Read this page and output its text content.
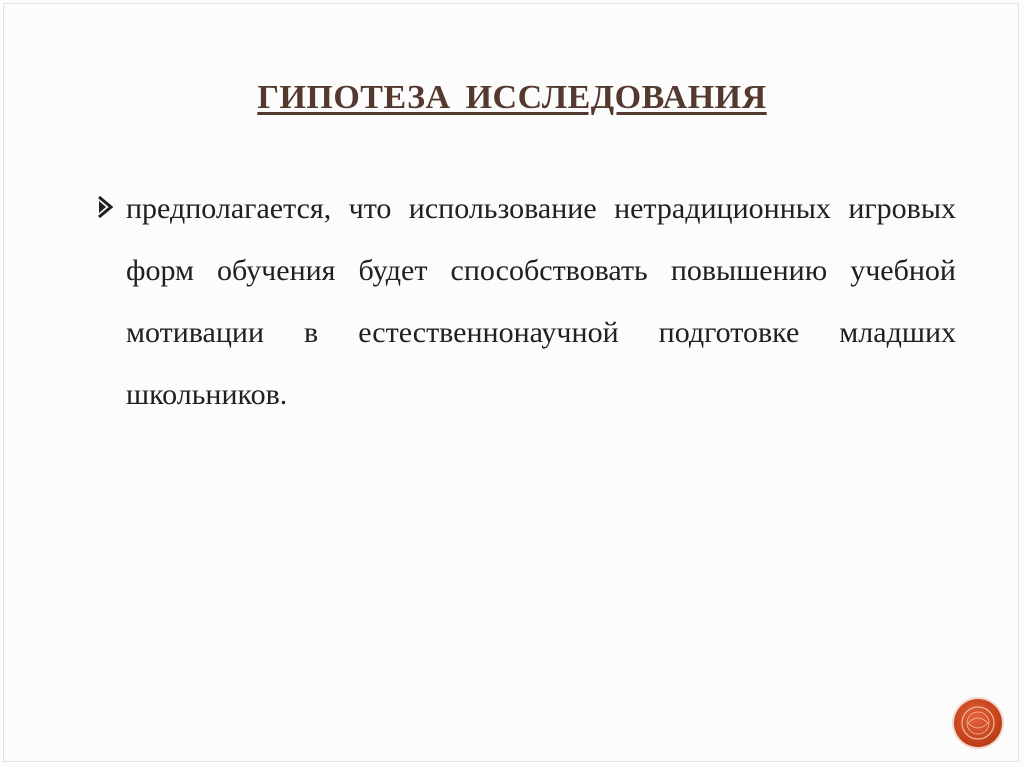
ГИПОТЕЗА ИССЛЕДОВАНИЯ

предполагается, что использование нетрадиционных игровых форм обучения будет способствовать повышению учебной мотивации в естественнонаучной подготовке младших школьников.
